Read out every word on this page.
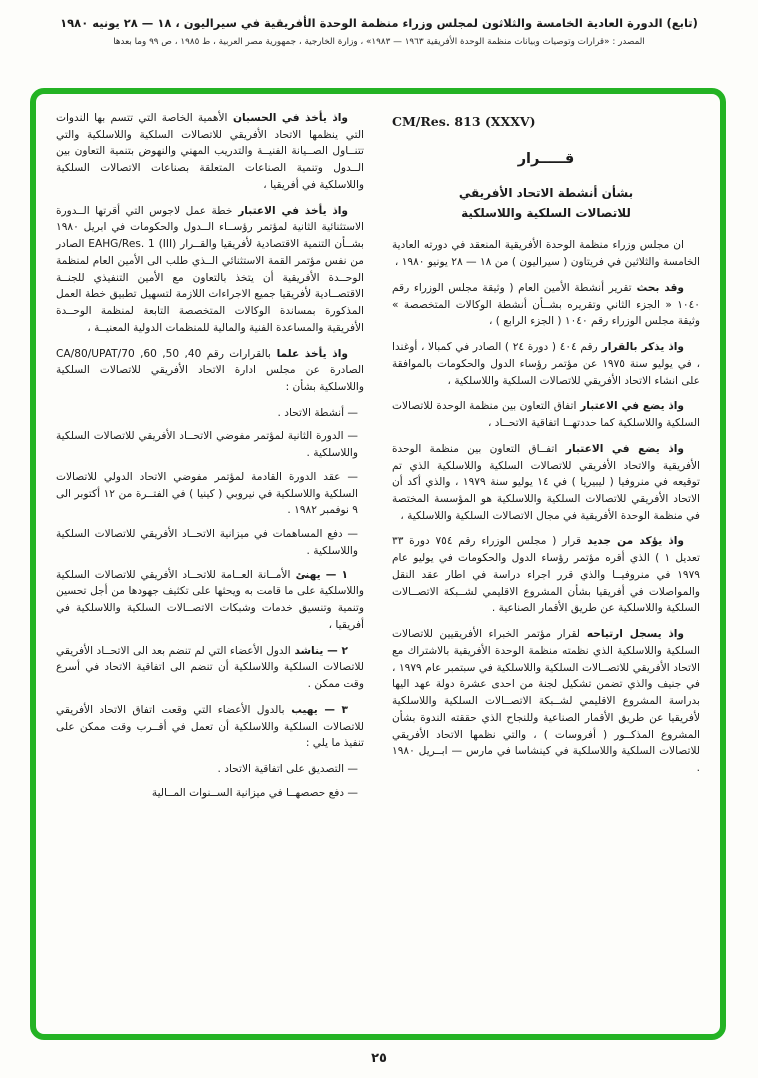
(تابع) الدورة العادية الخامسة والثلاثون لمجلس وزراء منظمة الوحدة الأفريقية في سيراليون ، ١٨ — ٢٨ يونيه ١٩٨٠
المصدر : «قرارات وتوصيات وبيانات منظمة الوحدة الأفريقية ١٩٦٣ — ١٩٨٣» ، وزارة الخارجية ، جمهورية مصر العربية ، ط ١٩٨٥ ، ص ٩٩ وما بعدها
CM/Res. 813 (XXXV)
قـــــرار
بشأن أنشطة الاتحاد الأفريقي للاتصالات السلكية واللاسلكية

ان مجلس وزراء منظمة الوحدة الأفريقية المنعقد في دورته العادية الخامسة والثلاثين في فريتاون ( سيراليون ) من ١٨ — ٢٨ يونيو ١٩٨٠ ،

وقد بحث تقرير أنشطة الأمين العام ( وثيقة مجلس الوزراء رقم ١٠٤٠ « الجزء الثاني وتقريره بشــأن أنشطة الوكالات المتخصصة » وثيقة مجلس الوزراء رقم ١٠٤٠ ( الجزء الرابع ) ،

واذ يذكر بالقرار رقم ٤٠٤ ( دورة ٢٤ ) الصادر في كمبالا ، أوغندا ، في يوليو سنة ١٩٧٥ عن مؤتمر رؤساء الدول والحكومات بالموافقة على انشاء الاتحاد الأفريقي للاتصالات السلكية واللاسلكية ،

واذ يضع في الاعتبار اتفاق التعاون بين منظمة الوحدة للاتصالات السلكية واللاسلكية كما حددتهــا اتفاقية الاتحــاد ،

واذ يضع في الاعتبار اتفــاق التعاون بين منظمة الوحدة الأفريقية والاتحاد الأفريقي للاتصالات السلكية واللاسلكية الذي تم توقيعه في منروفيا ( ليبيريا ) في ١٤ يوليو سنة ١٩٧٩ ، والذي أكد أن الاتحاد الأفريقي للاتصالات السلكية واللاسلكية هو المؤسسة المختصة في منظمة الوحدة الأفريقية في مجال الاتصالات السلكية واللاسلكية ،

واذ يؤكد من جديد قرار ( مجلس الوزراء رقم ٧٥٤ دورة ٣٣ تعديل ١ ) الذي أقره مؤتمر رؤساء الدول والحكومات في يوليو عام ١٩٧٩ في منروفيــا والذي قرر اجراء دراسة في اطار عقد النقل والمواصلات في أفريقيا بشأن المشروع الاقليمي لشــبكة الاتصــالات السلكية واللاسلكية عن طريق الأقمار الصناعية .

واذ يسجل ارتياحه لقرار مؤتمر الخبراء الأفريقيين للاتصالات السلكية واللاسلكية الذي نظمته منظمة الوحدة الأفريقية بالاشتراك مع الاتحاد الأفريقي للاتصــالات السلكية واللاسلكية في سبتمبر عام ١٩٧٩ ، في جنيف والذي تضمن تشكيل لجنة من احدى عشرة دولة عهد اليها بدراسة المشروع الاقليمي لشــبكة الاتصــالات السلكية واللاسلكية لأفريقيا عن طريق الأقمار الصناعية وللنجاح الذي حققته الندوة بشأن المشروع المذكــور ( أفروسات ) ، والتي نظمها الاتحاد الأفريقي للاتصالات السلكية واللاسلكية في كينشاسا في مارس — ابــريل ١٩٨٠ .

واذ يأخذ في الحسبان الأهمية الخاصة التي تتسم بها الندوات التي ينظمها الاتحاد الأفريقي للاتصالات السلكية واللاسلكية والتي تتنــاول الصــيانة الفنيــة والتدريب المهني والنهوض بتنمية التعاون بين الــدول وتنمية الصناعات المتعلقة بصناعات الاتصالات السلكية واللاسلكية في أفريقيا ،

واذ يأخذ في الاعتبار خطة عمل لاجوس التي أقرتها الــدورة الاستثنائية الثانية لمؤتمر رؤســاء الــدول والحكومات في ابريل ١٩٨٠ بشــأن التنمية الاقتصادية لأفريقيا والقــرار EAHG/Res. 1 (III) الصادر من نفس مؤتمر القمة الاستثنائي الــذي طلب الى الأمين العام لمنظمة الوحــدة الأفريقية أن يتخذ بالتعاون مع الأمين التنفيذي للجنــة الاقتصــادية لأفريقيا جميع الاجراءات اللازمة لتسهيل تطبيق خطة العمل المذكورة بمساندة الوكالات المتخصصة التابعة لمنظمة الوحــدة الأفريقية والمساعدة الفنية والمالية للمنظمات الدولية المعنيــة ،

واذ يأخذ علما بالقرارات رقم 40, 50, 60, 70/CA/80/UPAT الصادرة عن مجلس ادارة الاتحاد الأفريقي للاتصالات السلكية واللاسلكية بشأن :

— أنشطة الاتحاد .

— الدورة الثانية لمؤتمر مفوضي الاتحــاد الأفريقي للاتصالات السلكية واللاسلكية .

— عقد الدورة القادمة لمؤتمر مفوضي الاتحاد الدولي للاتصالات السلكية واللاسلكية في نيروبي ( كينيا ) في الفتــرة من ١٢ أكتوبر الى ٩ نوفمبر ١٩٨٢ .

— دفع المساهمات في ميزانية الاتحــاد الأفريقي للاتصالات السلكية واللاسلكية .

١ — يهنئ الأمــانة العــامة للاتحــاد الأفريقي للاتصالات السلكية واللاسلكية على ما قامت به ويحثها على تكثيف جهودها من أجل تحسين وتنمية وتنسيق خدمات وشبكات الاتصــالات السلكية واللاسلكية في أفريقيا ،

٢ — يناشد الدول الأعضاء التي لم تنضم بعد الى الاتحــاد الأفريقي للاتصالات السلكية واللاسلكية أن تنضم الى اتفاقية الاتحاد في أسرع وقت ممكن .

٣ — يهيب بالدول الأعضاء التي وقعت اتفاق الاتحاد الأفريقي للاتصالات السلكية واللاسلكية أن تعمل في أقــرب وقت ممكن على تنفيذ ما يلي :

— التصديق على اتفاقية الاتحاد .

— دفع حصصهــا في ميزانية الســنوات المــالية

٢٥
